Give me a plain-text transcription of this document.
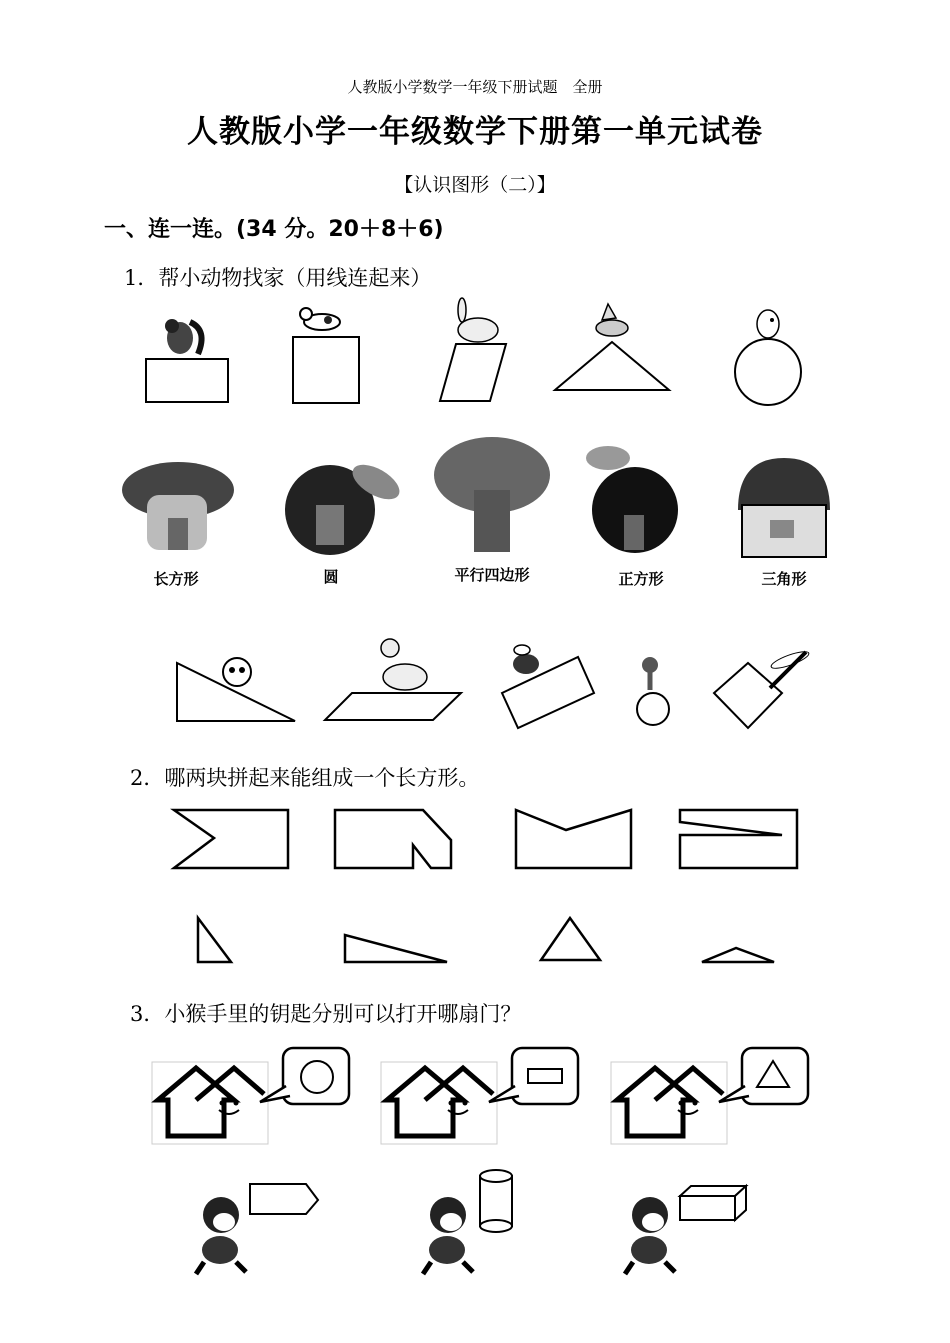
人教版小学数学一年级下册试题　全册
人教版小学一年级数学下册第一单元试卷
【认识图形（二）】
一、连一连。(34 分。20＋8＋6)
1．帮小动物找家（用线连起来）
长方形	圆	平行四边形	正方形	三角形
2．哪两块拼起来能组成一个长方形。
3．小猴手里的钥匙分别可以打开哪扇门？
